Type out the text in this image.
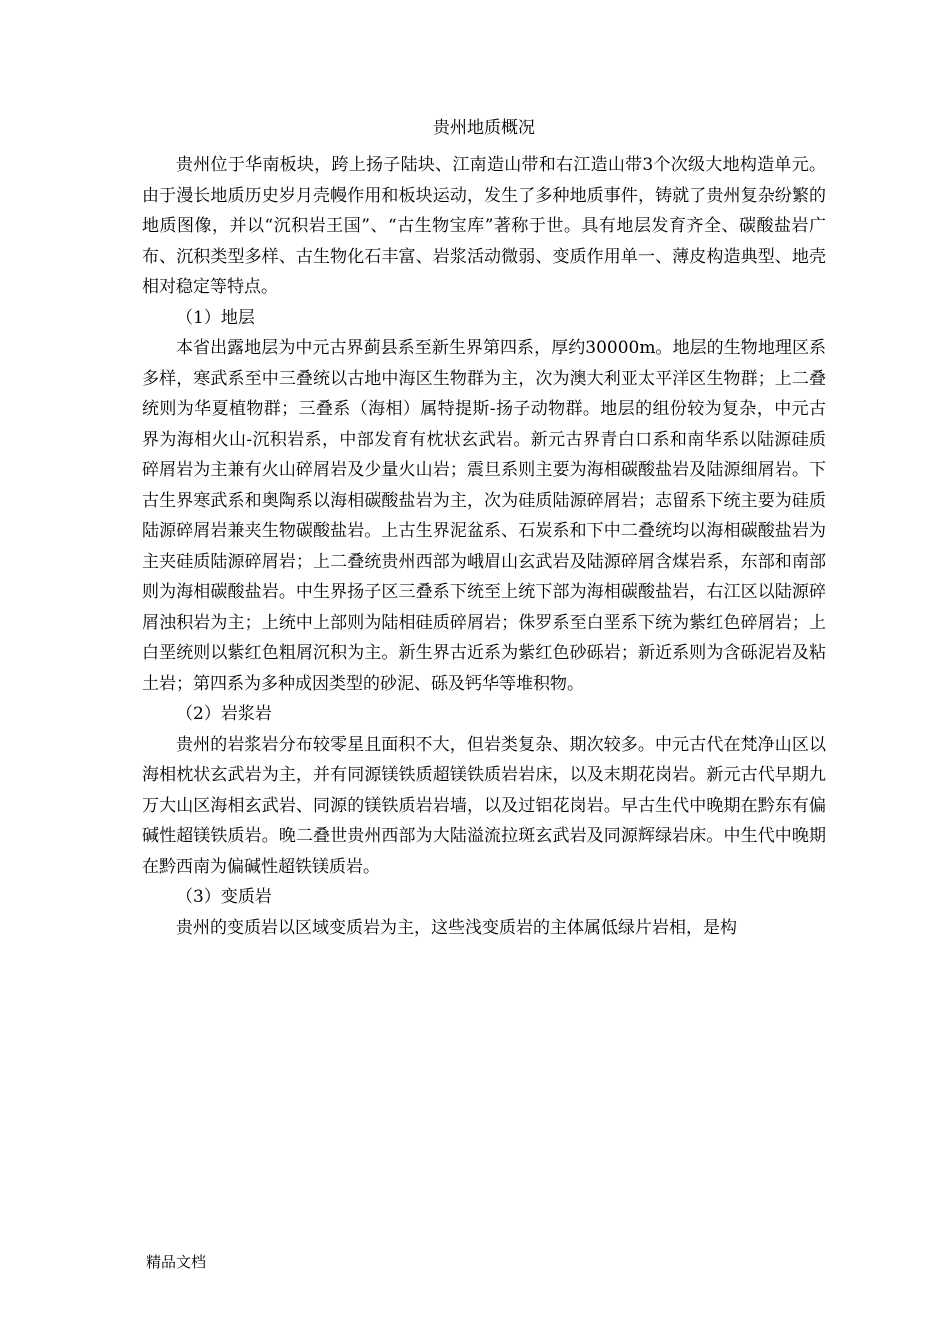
贵州地质概况

贵州位于华南板块，跨上扬子陆块、江南造山带和右江造山带3个次级大地构造单元。由于漫长地质历史岁月壳幔作用和板块运动，发生了多种地质事件，铸就了贵州复杂纷繁的地质图像，并以“沉积岩王国”、“古生物宝库”著称于世。具有地层发育齐全、碳酸盐岩广布、沉积类型多样、古生物化石丰富、岩浆活动微弱、变质作用单一、薄皮构造典型、地壳相对稳定等特点。

（1）地层

本省出露地层为中元古界蓟县系至新生界第四系，厚约30000m。地层的生物地理区系多样，寒武系至中三叠统以古地中海区生物群为主，次为澳大利亚太平洋区生物群；上二叠统则为华夏植物群；三叠系（海相）属特提斯-扬子动物群。地层的组份较为复杂，中元古界为海相火山-沉积岩系，中部发育有枕状玄武岩。新元古界青白口系和南华系以陆源硅质碎屑岩为主兼有火山碎屑岩及少量火山岩；震旦系则主要为海相碳酸盐岩及陆源细屑岩。下古生界寒武系和奥陶系以海相碳酸盐岩为主，次为硅质陆源碎屑岩；志留系下统主要为硅质陆源碎屑岩兼夹生物碳酸盐岩。上古生界泥盆系、石炭系和下中二叠统均以海相碳酸盐岩为主夹硅质陆源碎屑岩；上二叠统贵州西部为峨眉山玄武岩及陆源碎屑含煤岩系，东部和南部则为海相碳酸盐岩。中生界扬子区三叠系下统至上统下部为海相碳酸盐岩，右江区以陆源碎屑浊积岩为主；上统中上部则为陆相硅质碎屑岩；侏罗系至白垩系下统为紫红色碎屑岩；上白垩统则以紫红色粗屑沉积为主。新生界古近系为紫红色砂砾岩；新近系则为含砾泥岩及粘土岩；第四系为多种成因类型的砂泥、砾及钙华等堆积物。

（2）岩浆岩

贵州的岩浆岩分布较零星且面积不大，但岩类复杂、期次较多。中元古代在梵净山区以海相枕状玄武岩为主，并有同源镁铁质超镁铁质岩岩床，以及末期花岗岩。新元古代早期九万大山区海相玄武岩、同源的镁铁质岩岩墙，以及过铝花岗岩。早古生代中晚期在黔东有偏碱性超镁铁质岩。晚二叠世贵州西部为大陆溢流拉斑玄武岩及同源辉绿岩床。中生代中晚期在黔西南为偏碱性超铁镁质岩。

（3）变质岩

贵州的变质岩以区域变质岩为主，这些浅变质岩的主体属低绿片岩相，是构

精品文档
